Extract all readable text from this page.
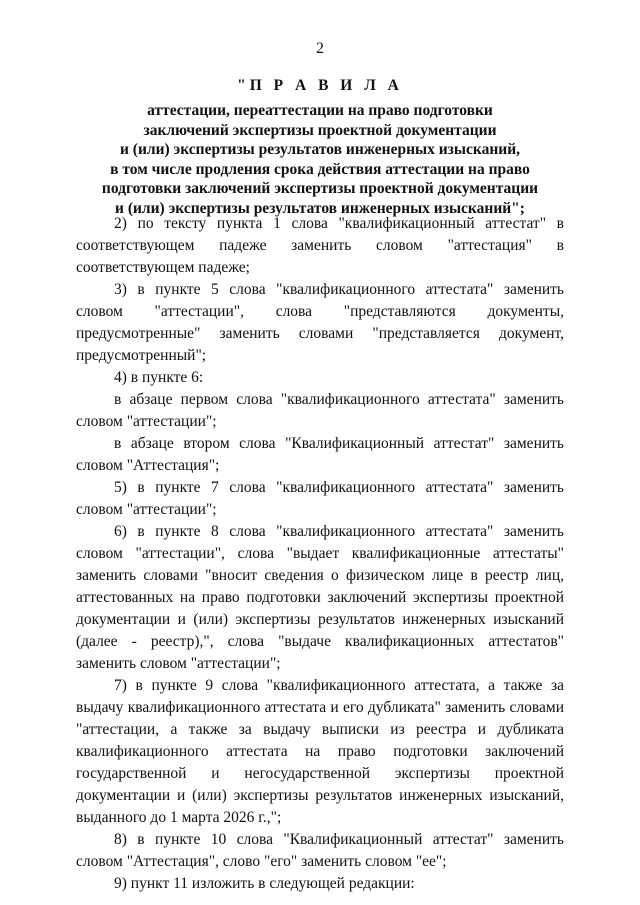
2
"П Р А В И Л А
аттестации, переаттестации на право подготовки
заключений экспертизы проектной документации
и (или) экспертизы результатов инженерных изысканий,
в том числе продления срока действия аттестации на право
подготовки заключений экспертизы проектной документации
и (или) экспертизы результатов инженерных изысканий";

2) по тексту пункта 1 слова "квалификационный аттестат" в соответствующем падеже заменить словом "аттестация" в соответствующем падеже;

3) в пункте 5 слова "квалификационного аттестата" заменить словом "аттестации", слова "представляются документы, предусмотренные" заменить словами "представляется документ, предусмотренный";

4) в пункте 6:

в абзаце первом слова "квалификационного аттестата" заменить словом "аттестации";

в абзаце втором слова "Квалификационный аттестат" заменить словом "Аттестация";

5) в пункте 7 слова "квалификационного аттестата" заменить словом "аттестации";

6) в пункте 8 слова "квалификационного аттестата" заменить словом "аттестации", слова "выдает квалификационные аттестаты" заменить словами "вносит сведения о физическом лице в реестр лиц, аттестованных на право подготовки заключений экспертизы проектной документации и (или) экспертизы результатов инженерных изысканий (далее - реестр),", слова "выдаче квалификационных аттестатов" заменить словом "аттестации";

7) в пункте 9 слова "квалификационного аттестата, а также за выдачу квалификационного аттестата и его дубликата" заменить словами "аттестации, а также за выдачу выписки из реестра и дубликата квалификационного аттестата на право подготовки заключений государственной и негосударственной экспертизы проектной документации и (или) экспертизы результатов инженерных изысканий, выданного до 1 марта 2026 г.,";

8) в пункте 10 слова "Квалификационный аттестат" заменить словом "Аттестация", слово "его" заменить словом "ее";

9) пункт 11 изложить в следующей редакции:
